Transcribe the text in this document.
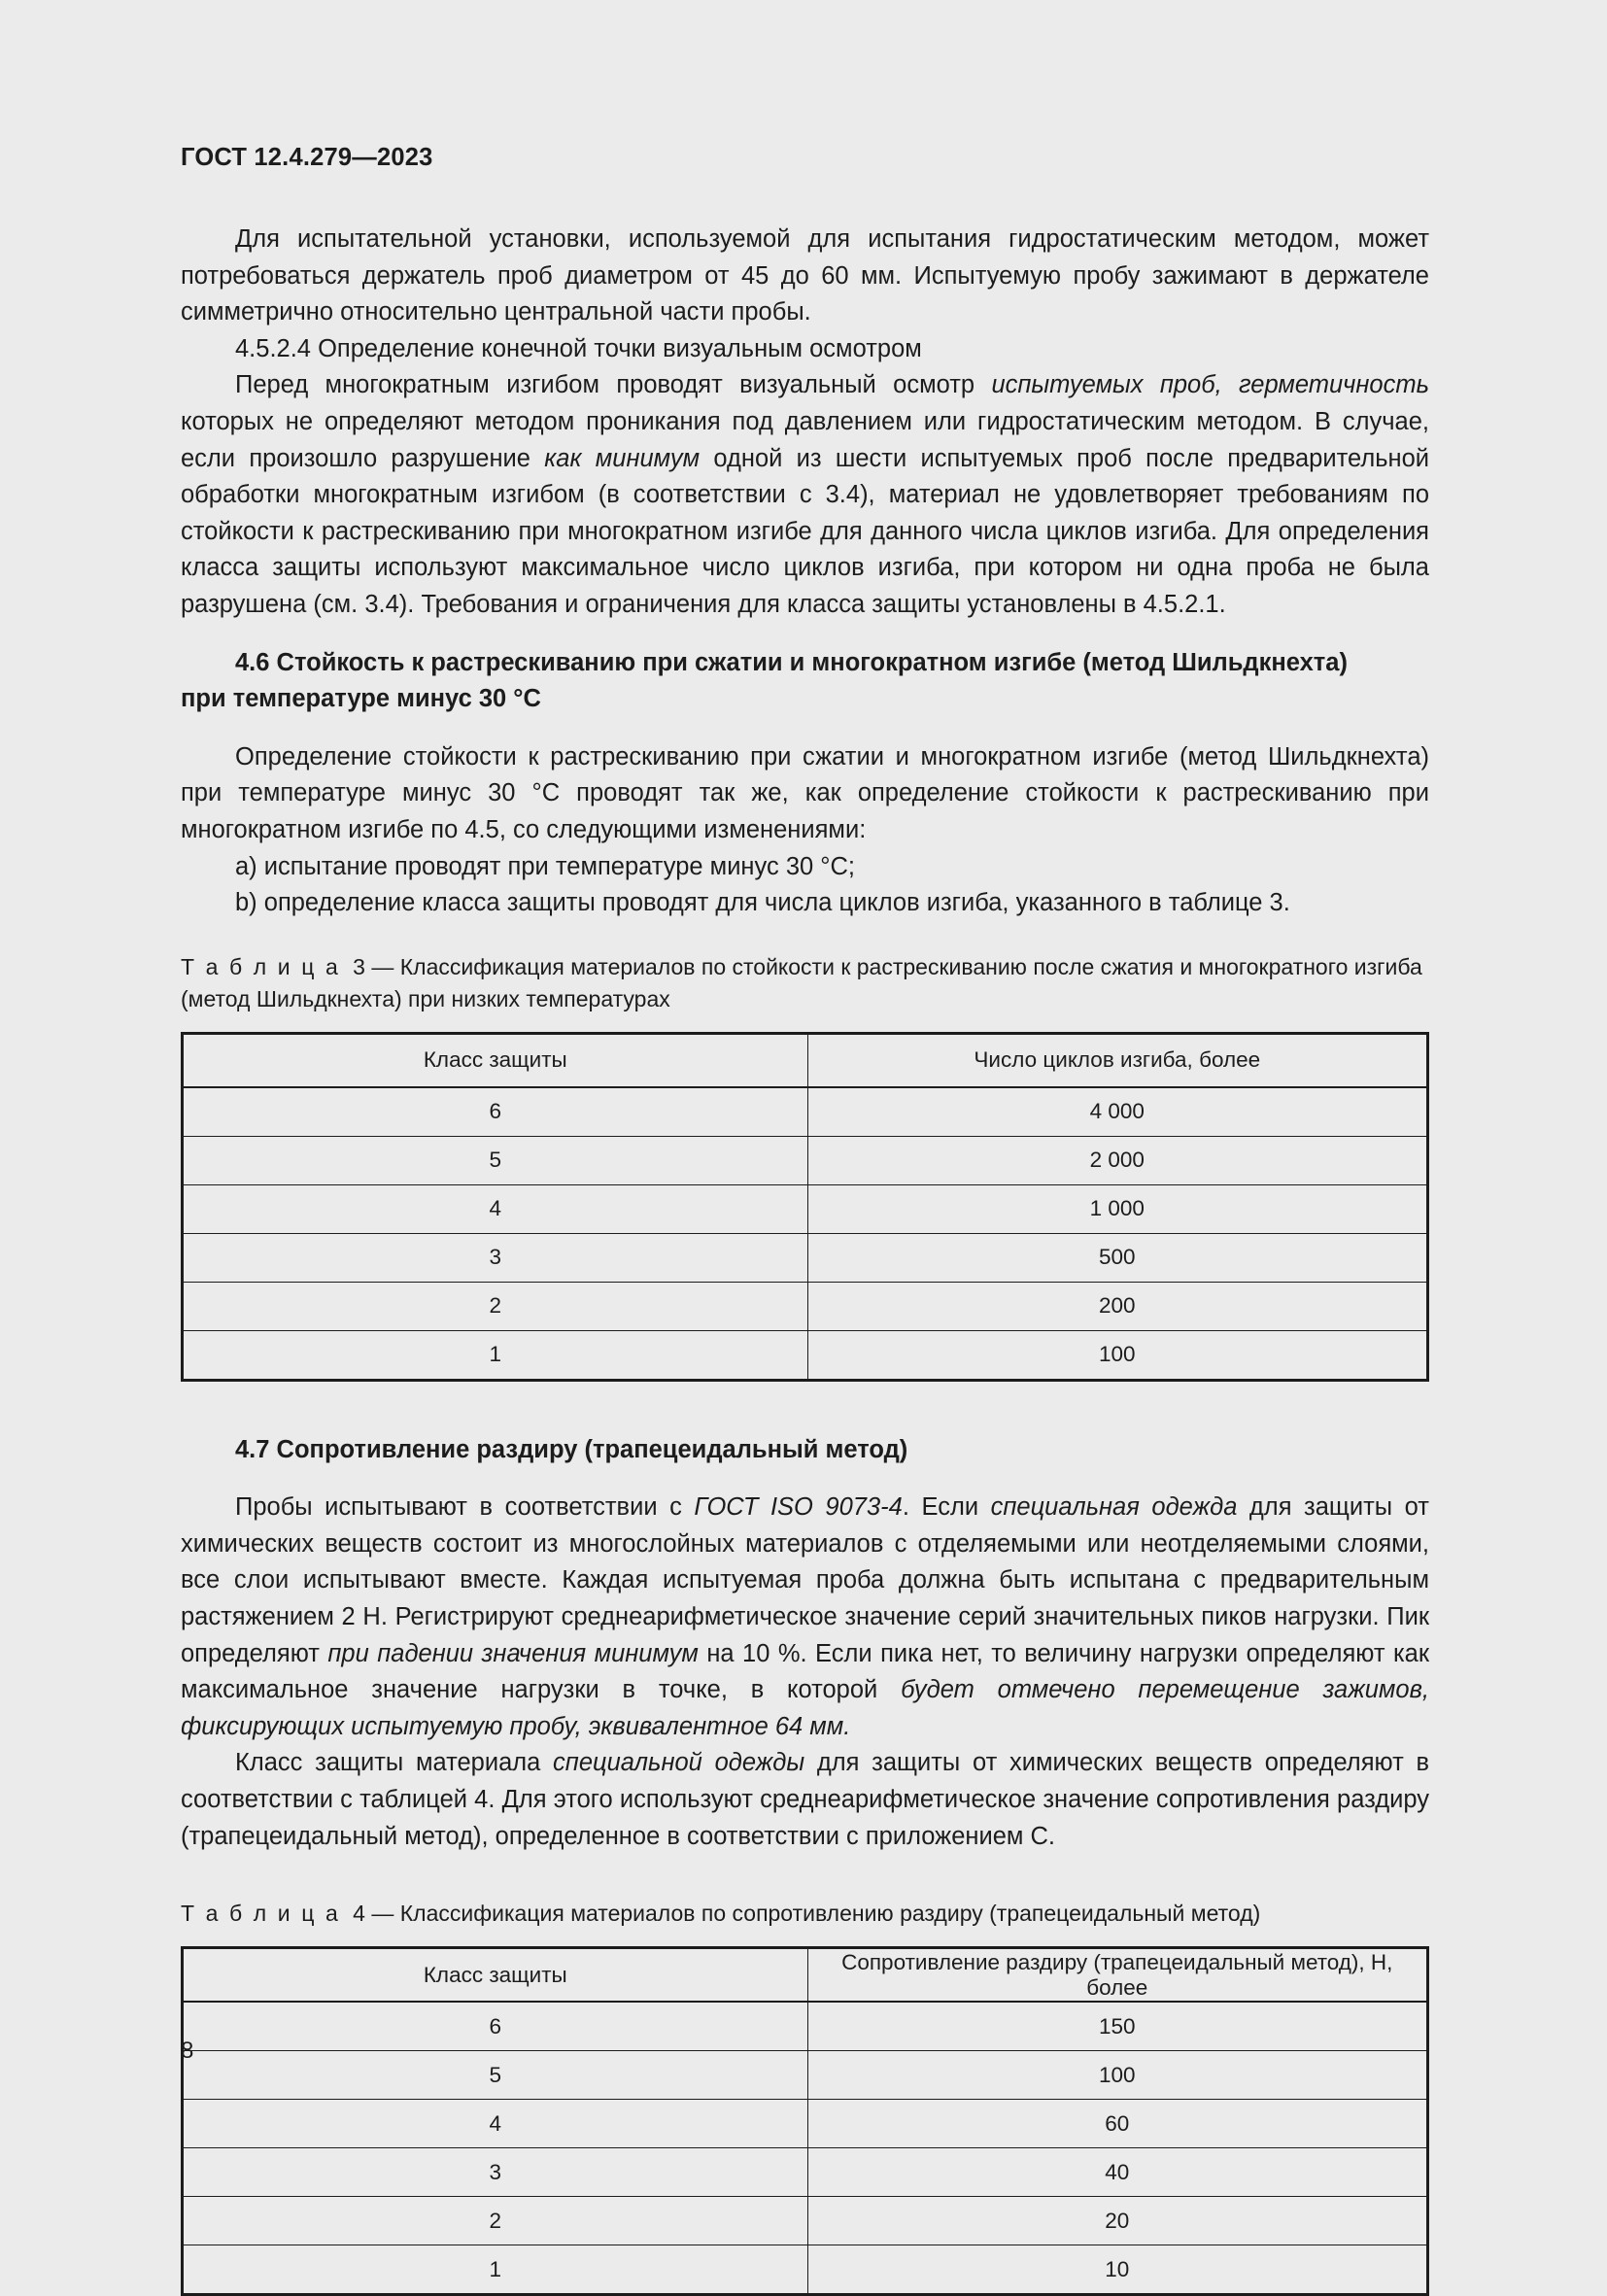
ГОСТ 12.4.279—2023

Для испытательной установки, используемой для испытания гидростатическим методом, может потребоваться держатель проб диаметром от 45 до 60 мм. Испытуемую пробу зажимают в держателе симметрично относительно центральной части пробы.

4.5.2.4 Определение конечной точки визуальным осмотром

Перед многократным изгибом проводят визуальный осмотр испытуемых проб, герметичность которых не определяют методом проникания под давлением или гидростатическим методом. В случае, если произошло разрушение как минимум одной из шести испытуемых проб после предварительной обработки многократным изгибом (в соответствии с 3.4), материал не удовлетворяет требованиям по стойкости к растрескиванию при многократном изгибе для данного числа циклов изгиба. Для определения класса защиты используют максимальное число циклов изгиба, при котором ни одна проба не была разрушена (см. 3.4). Требования и ограничения для класса защиты установлены в 4.5.2.1.

4.6 Стойкость к растрескиванию при сжатии и многократном изгибе (метод Шильдкнехта)
при температуре минус 30 °C

Определение стойкости к растрескиванию при сжатии и многократном изгибе (метод Шильдкнехта) при температуре минус 30 °C проводят так же, как определение стойкости к растрескиванию при многократном изгибе по 4.5, со следующими изменениями:

a) испытание проводят при температуре минус 30 °C;

b) определение класса защиты проводят для числа циклов изгиба, указанного в таблице 3.

Т а б л и ц а 3 — Классификация материалов по стойкости к растрескиванию после сжатия и многократного изгиба (метод Шильдкнехта) при низких температурах

Класс защиты	Число циклов изгиба, более
6	4 000
5	2 000
4	1 000
3	500
2	200
1	100

4.7 Сопротивление раздиру (трапецеидальный метод)

Пробы испытывают в соответствии с ГОСТ ISO 9073-4. Если специальная одежда для защиты от химических веществ состоит из многослойных материалов с отделяемыми или неотделяемыми слоями, все слои испытывают вместе. Каждая испытуемая проба должна быть испытана с предварительным растяжением 2 Н. Регистрируют среднеарифметическое значение серий значительных пиков нагрузки. Пик определяют при падении значения минимум на 10 %. Если пика нет, то величину нагрузки определяют как максимальное значение нагрузки в точке, в которой будет отмечено перемещение зажимов, фиксирующих испытуемую пробу, эквивалентное 64 мм.

Класс защиты материала специальной одежды для защиты от химических веществ определяют в соответствии с таблицей 4. Для этого используют среднеарифметическое значение сопротивления раздиру (трапецеидальный метод), определенное в соответствии с приложением C.

Т а б л и ц а 4 — Классификация материалов по сопротивлению раздиру (трапецеидальный метод)

Класс защиты	Сопротивление раздиру (трапецеидальный метод), Н, более
6	150
5	100
4	60
3	40
2	20
1	10
8
